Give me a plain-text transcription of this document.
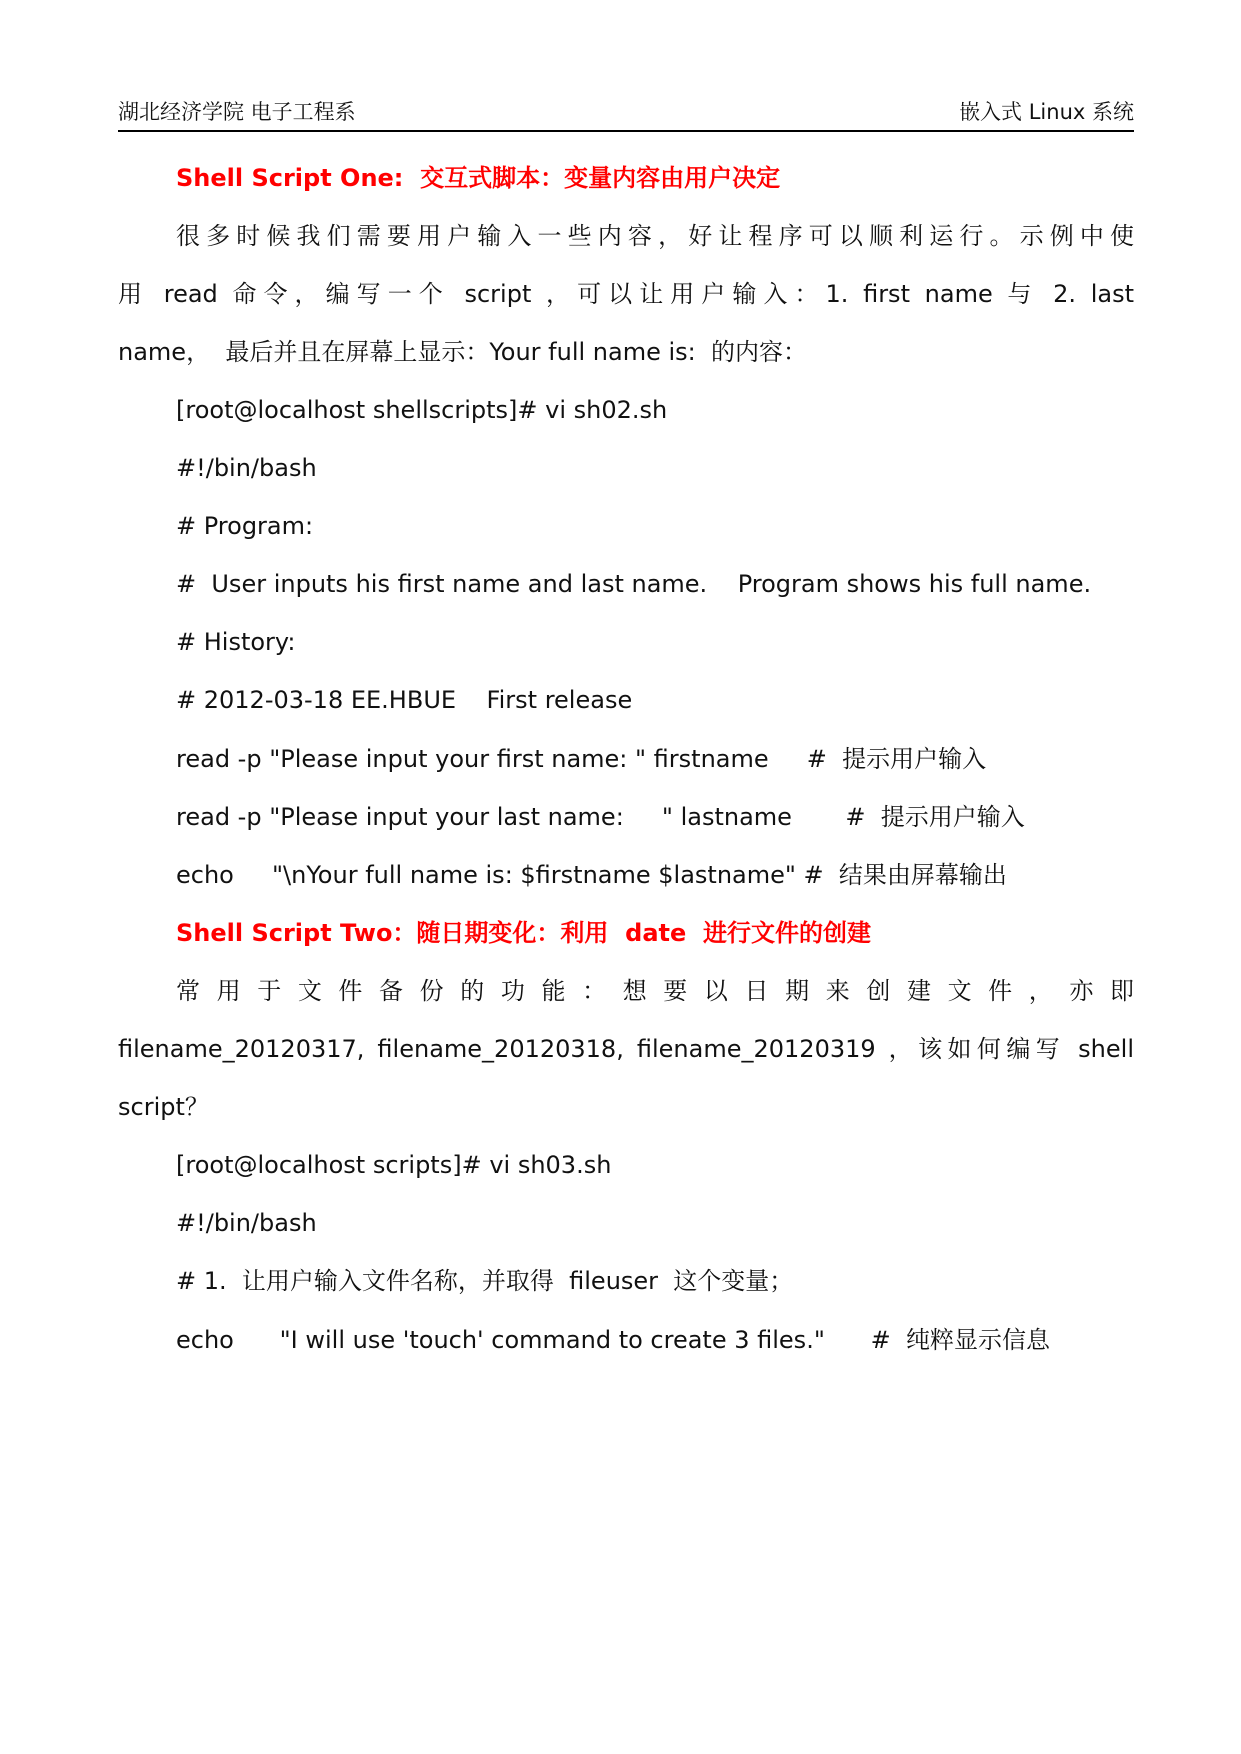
湖北经济学院 电子工程系	嵌入式 Linux 系统
Shell Script One:  交互式脚本：变量内容由用户决定
很多时候我们需要用户输入一些内容，好让程序可以顺利运行。示例中使
用 read 命令，编写一个 script ，可以让用户输入：1. first name 与 2. last
name，  最后并且在屏幕上显示：Your full name is:  的内容：
[root@localhost shellscripts]# vi sh02.sh
#!/bin/bash
# Program:
#  User inputs his first name and last name.    Program shows his full name.
# History:
# 2012-03-18 EE.HBUE    First release
read -p "Please input your first name: " firstname     #  提示用户输入
read -p "Please input your last name:     " lastname       #  提示用户输入
echo     "\nYour full name is: $firstname $lastname" #  结果由屏幕输出
Shell Script Two：随日期变化：利用  date  进行文件的创建
常用于文件备份的功能：想要以日期来创建文件，亦即
filename_20120317, filename_20120318, filename_20120319 ，该如何编写 shell
script？
[root@localhost scripts]# vi sh03.sh
#!/bin/bash
# 1.  让用户输入文件名称，并取得  fileuser  这个变量；
echo      "I will use 'touch' command to create 3 files."      #  纯粹显示信息
